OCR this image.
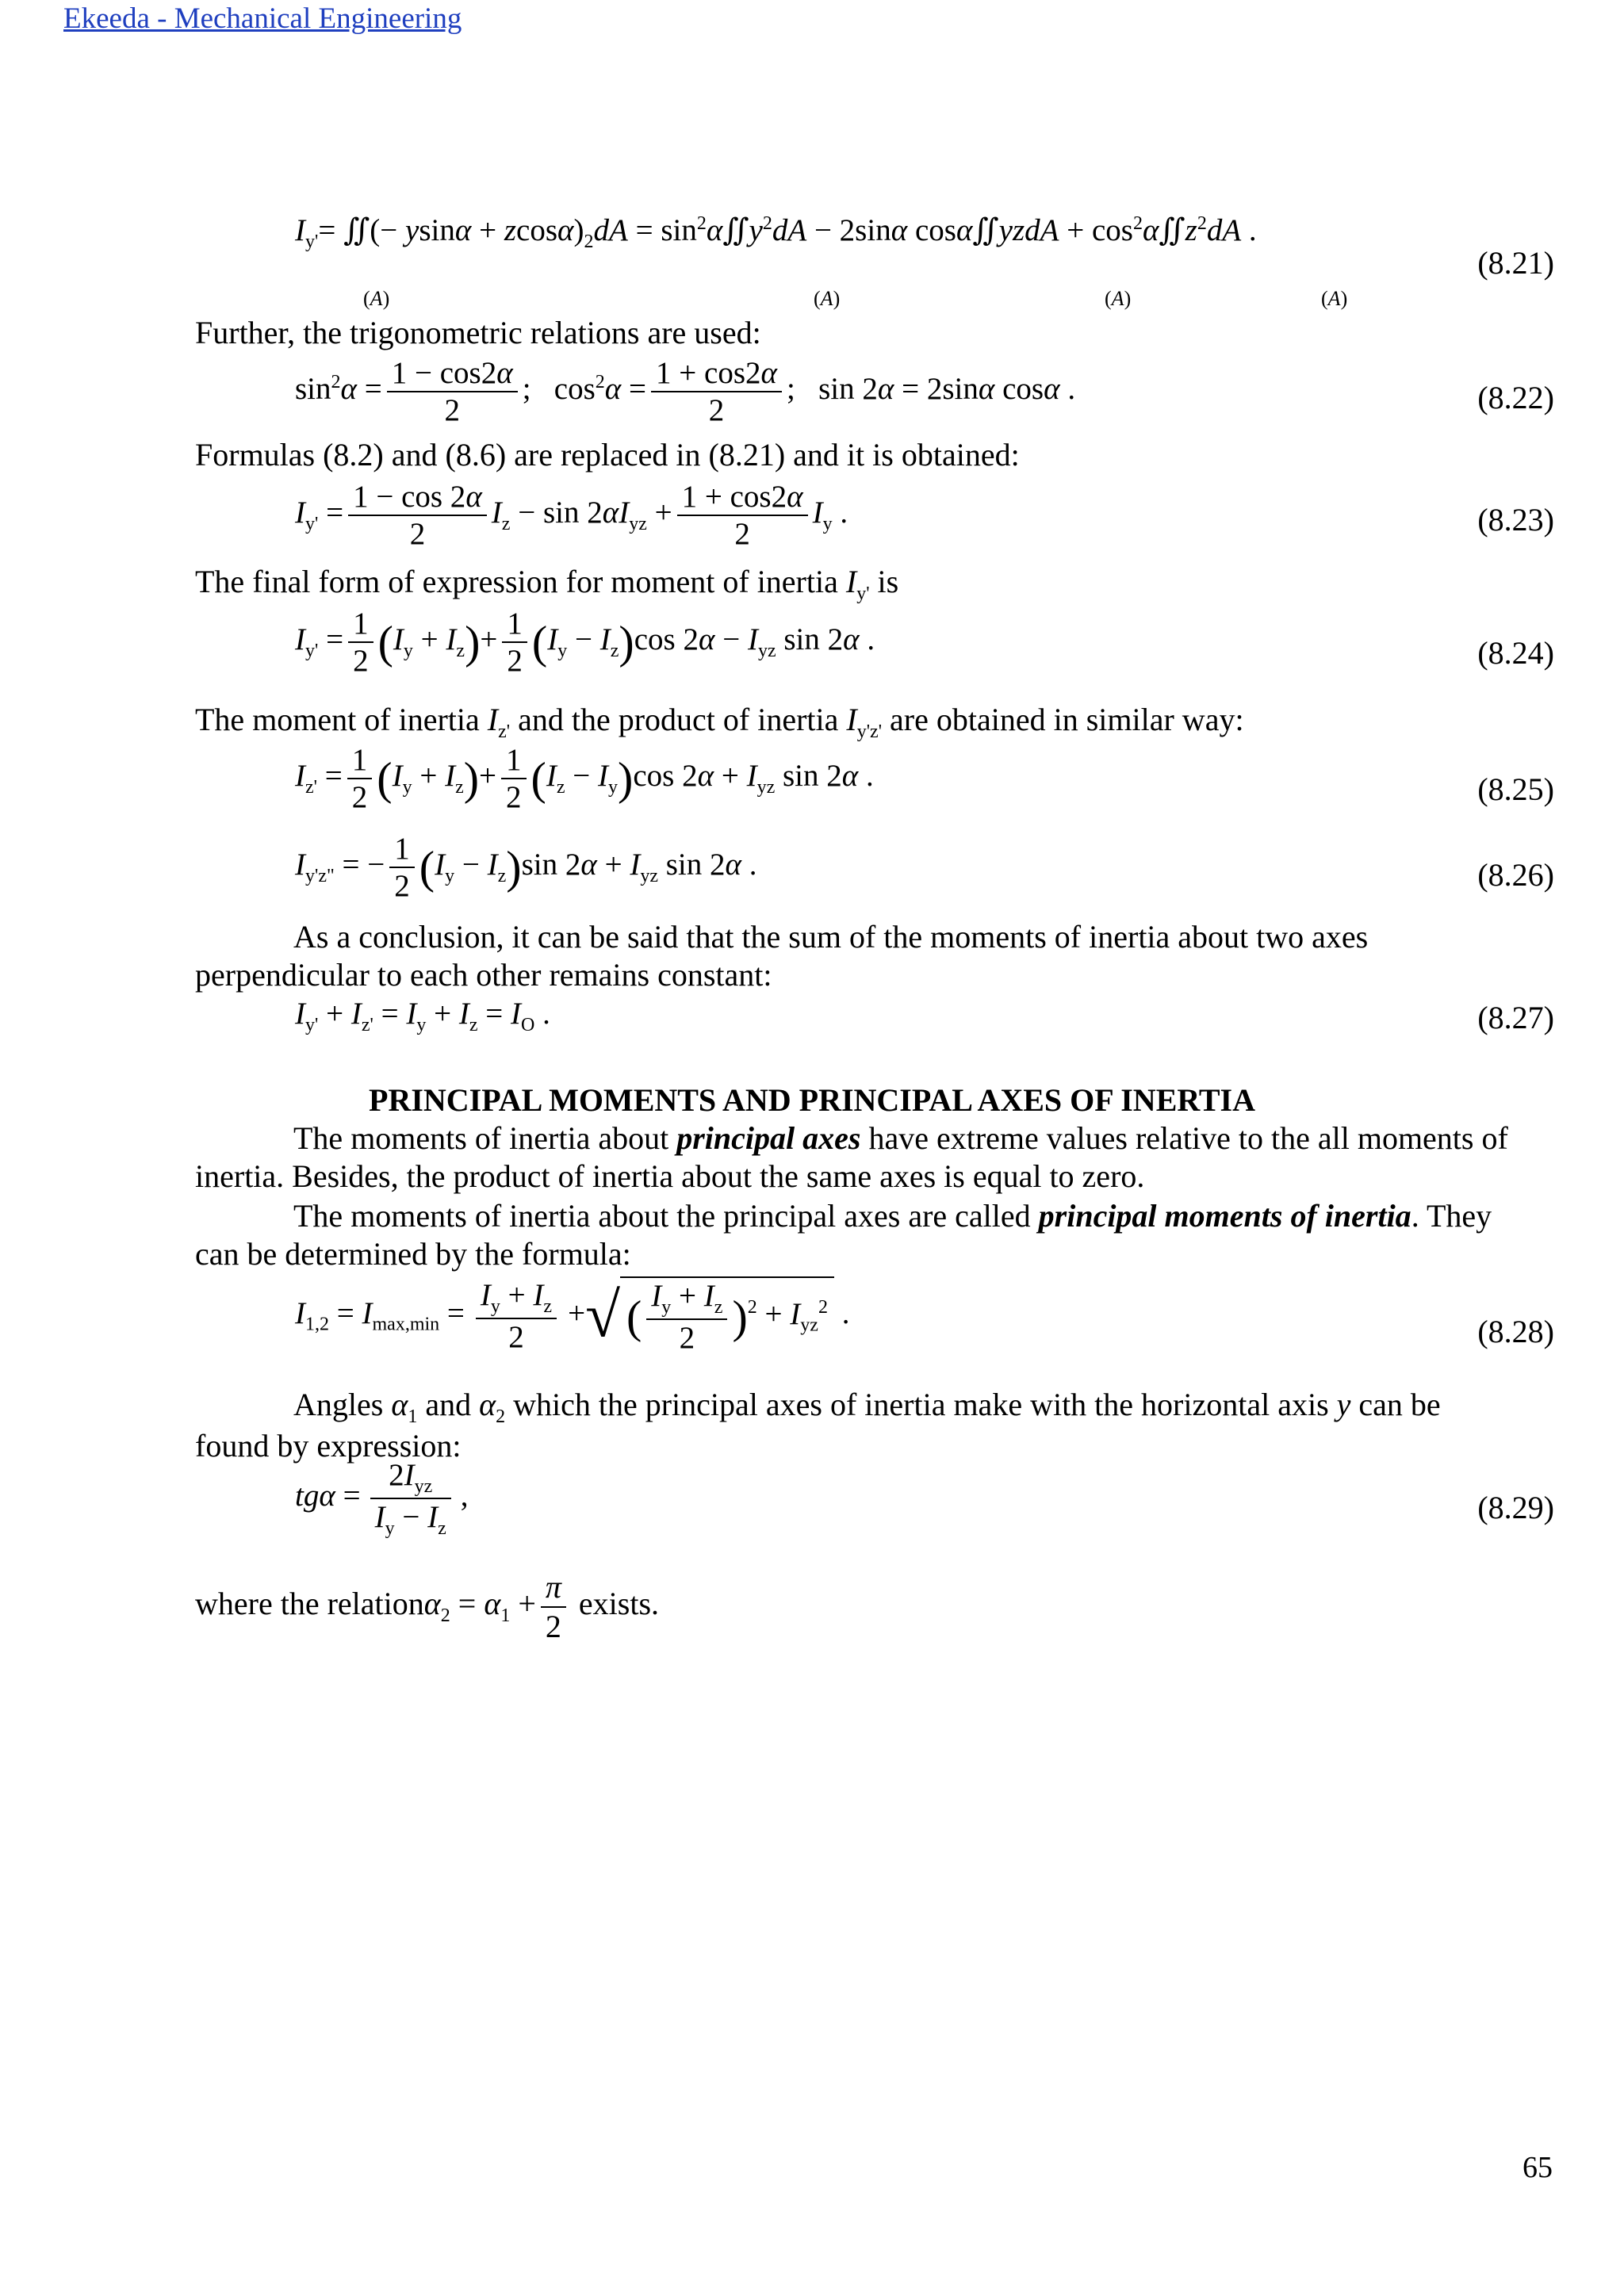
Ekeeda - Mechanical Engineering
$I_{y'}=$ ∬(− $ysin\alpha + zcos\alpha)_2dA$ = $\sin^2\alpha∬y^2dA - 2\sin\alpha$ cosα∬yzdA + $\cos^2\alpha∬z^2dA$ .
(A)	(A)	(A)	(A)
(8.21)
Further, the trigonometric relations are used:
$\sin^2\alpha = \frac{1 - \cos 2\alpha}{2}$ ;   $\cos^2\alpha = \frac{1 + \cos 2\alpha}{2}$ ;   sin 2α = 2sinα cosα .	(8.22)
Formulas (8.2) and (8.6) are replaced in (8.21) and it is obtained:
$I_{y'} = \frac{1 - \cos 2\alpha}{2} I_z - \sin 2\alpha I_{yz} + \frac{1 + \cos 2\alpha}{2} I_y$ .	(8.23)
The final form of expression for moment of inertia $I_{y'}$ is
$I_{y'} = \frac{1}{2} (I_y + I_z)+ \frac{1}{2} (I_y - I_z)\cos$ $2\alpha - I_{yz}$ sin 2α .	(8.24)
The moment of inertia $I_{z'}$ and the product of inertia $I_{y'z'}$ are obtained in similar way:
$I_{z'} = \frac{1}{2} (I_y + I_z)+ \frac{1}{2} (I_z - I_y)\cos$ $2\alpha + I_{yz}$ sin 2α .	(8.25)
$I_{y'z"}$ = − $\frac{1}{2} (I_y - I_z)\sin$ $2\alpha + I_{yz}$ sin 2α .	(8.26)
As a conclusion, it can be said that the sum of the moments of inertia about two axes
perpendicular to each other remains constant:
$I_{y'} + I_{z'} = I_y + I_z = I_O$ .	(8.27)
PRINCIPAL MOMENTS AND PRINCIPAL AXES OF INERTIA
The moments of inertia about principal axes have extreme values relative to the all moments of
inertia. Besides, the product of inertia about the same axes is equal to zero.
The moments of inertia about the principal axes are called principal moments of inertia. They
can be determined by the formula:
$I_{1,2} = I_{max,min} = \frac{I_y + I_z}{2}$ +√ ( $\frac{I_y + I_z}{2} )^2 + I_{yz}^2$ .
(8.28)
Angles $\alpha_1$ and $\alpha_2$ which the principal axes of inertia make with the horizontal axis y can be
found by expression:
$tg\alpha = \frac{2I_{yz}}{I_y - I_z}$ ,	(8.29)
where the relationα$_2$ = $\alpha_1 + \frac{\pi}{2}$ exists.
65
